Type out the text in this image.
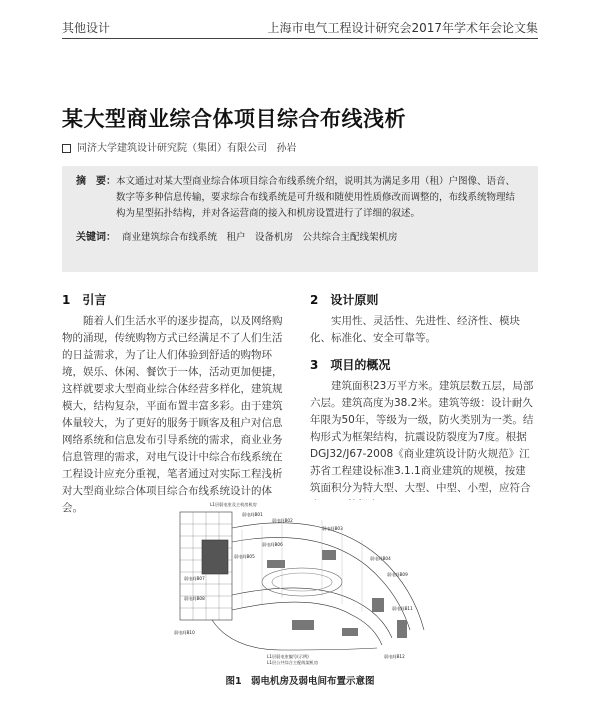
其他设计	上海市电气工程设计研究会2017年学术年会论文集
某大型商业综合体项目综合布线浅析
同济大学建筑设计研究院（集团）有限公司 孙岩
摘　要： 本文通过对某大型商业综合体项目综合布线系统介绍，说明其为满足多用（租）户图像、语音、数字等多种信息传输，要求综合布线系统是可升级和随使用性质修改而调整的，布线系统物理结构为星型拓扑结构，并对各运营商的接入和机房设置进行了详细的叙述。
关键词： 商业建筑综合布线系统　租户　设备机房　公共综合主配线架机房
1 引言

随着人们生活水平的逐步提高，以及网络购物的涌现，传统购物方式已经满足不了人们生活的日益需求，为了让人们体验到舒适的购物环境，娱乐、休闲、餐饮于一体，活动更加便捷，这样就要求大型商业综合体经营多样化，建筑规模大，结构复杂，平面布置丰富多彩。由于建筑体量较大，为了更好的服务于顾客及租户对信息网络系统和信息发布引导系统的需求，商业业务信息管理的需求，对电气设计中综合布线系统在工程设计应充分重视，笔者通过对实际工程浅析对大型商业综合体项目综合布线系统设计的体会。

2 设计原则

实用性、灵活性、先进性、经济性、模块化、标准化、安全可靠等。

3 项目的概况

建筑面积23万平方米。建筑层数五层，局部六层。建筑高度为38.2米。建筑等级：设计耐久年限为50年，等级为一级，防火类别为一类。结构形式为框架结构，抗震设防裂度为7度。根据DGJ32/J67-2008《商业建筑设计防火规范》江苏省工程建设标准3.1.1商业建筑的规模，按建筑面积分为特大型、大型、中型、小型，应符合

L1层弱电室及主机房机房
弱电间B01
弱电间B02
弱电间B03
弱电间B04
弱电间B05
弱电间B06
弱电间B07
弱电间B08
弱电间B09
弱电间B10
弱电间B11
弱电间B12
L1层弱电室编号(示例)
L1层公共综合主配线架机房
图1　弱电机房及弱电间布置示意图
